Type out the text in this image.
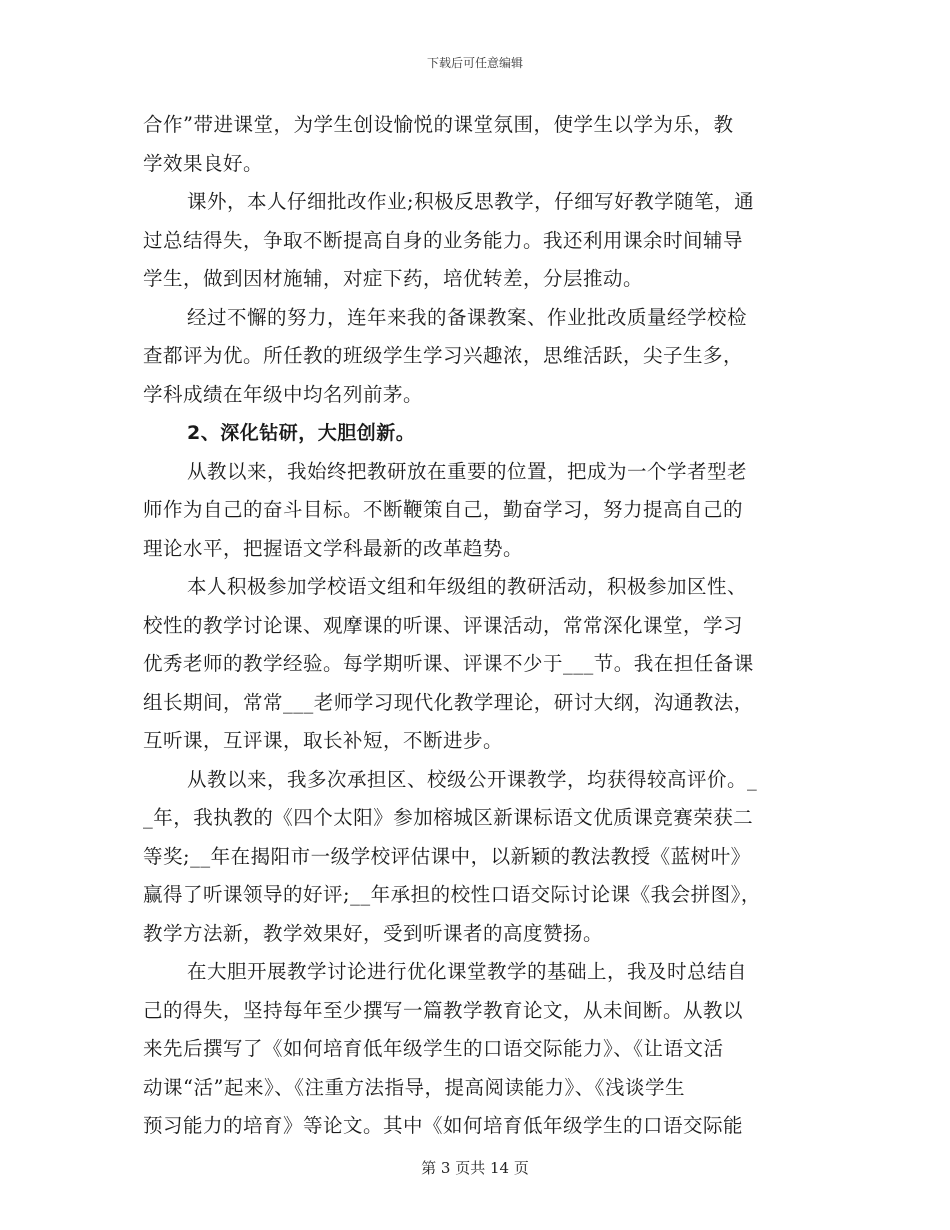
下载后可任意编辑
合作”带进课堂，为学生创设愉悦的课堂氛围，使学生以学为乐，教
学效果良好。
课外，本人仔细批改作业;积极反思教学，仔细写好教学随笔，通
过总结得失，争取不断提高自身的业务能力。我还利用课余时间辅导
学生，做到因材施辅，对症下药，培优转差，分层推动。
经过不懈的努力，连年来我的备课教案、作业批改质量经学校检
查都评为优。所任教的班级学生学习兴趣浓，思维活跃，尖子生多，
学科成绩在年级中均名列前茅。
2、深化钻研，大胆创新。
从教以来，我始终把教研放在重要的位置，把成为一个学者型老
师作为自己的奋斗目标。不断鞭策自己，勤奋学习，努力提高自己的
理论水平，把握语文学科最新的改革趋势。
本人积极参加学校语文组和年级组的教研活动，积极参加区性、
校性的教学讨论课、观摩课的听课、评课活动，常常深化课堂，学习
优秀老师的教学经验。每学期听课、评课不少于___节。我在担任备课
组长期间，常常___老师学习现代化教学理论，研讨大纲，沟通教法，
互听课，互评课，取长补短，不断进步。
从教以来，我多次承担区、校级公开课教学，均获得较高评价。_
_年，我执教的《四个太阳》参加榕城区新课标语文优质课竞赛荣获二
等奖;__年在揭阳市一级学校评估课中，以新颖的教法教授《蓝树叶》
赢得了听课领导的好评;__年承担的校性口语交际讨论课《我会拼图》，
教学方法新，教学效果好，受到听课者的高度赞扬。
在大胆开展教学讨论进行优化课堂教学的基础上，我及时总结自
己的得失，坚持每年至少撰写一篇教学教育论文，从未间断。从教以
来先后撰写了《如何培育低年级学生的口语交际能力》、《让语文活
动课“活”起来》、《注重方法指导，提高阅读能力》、《浅谈学生
预习能力的培育》等论文。其中《如何培育低年级学生的口语交际能
第 3 页共 14 页
